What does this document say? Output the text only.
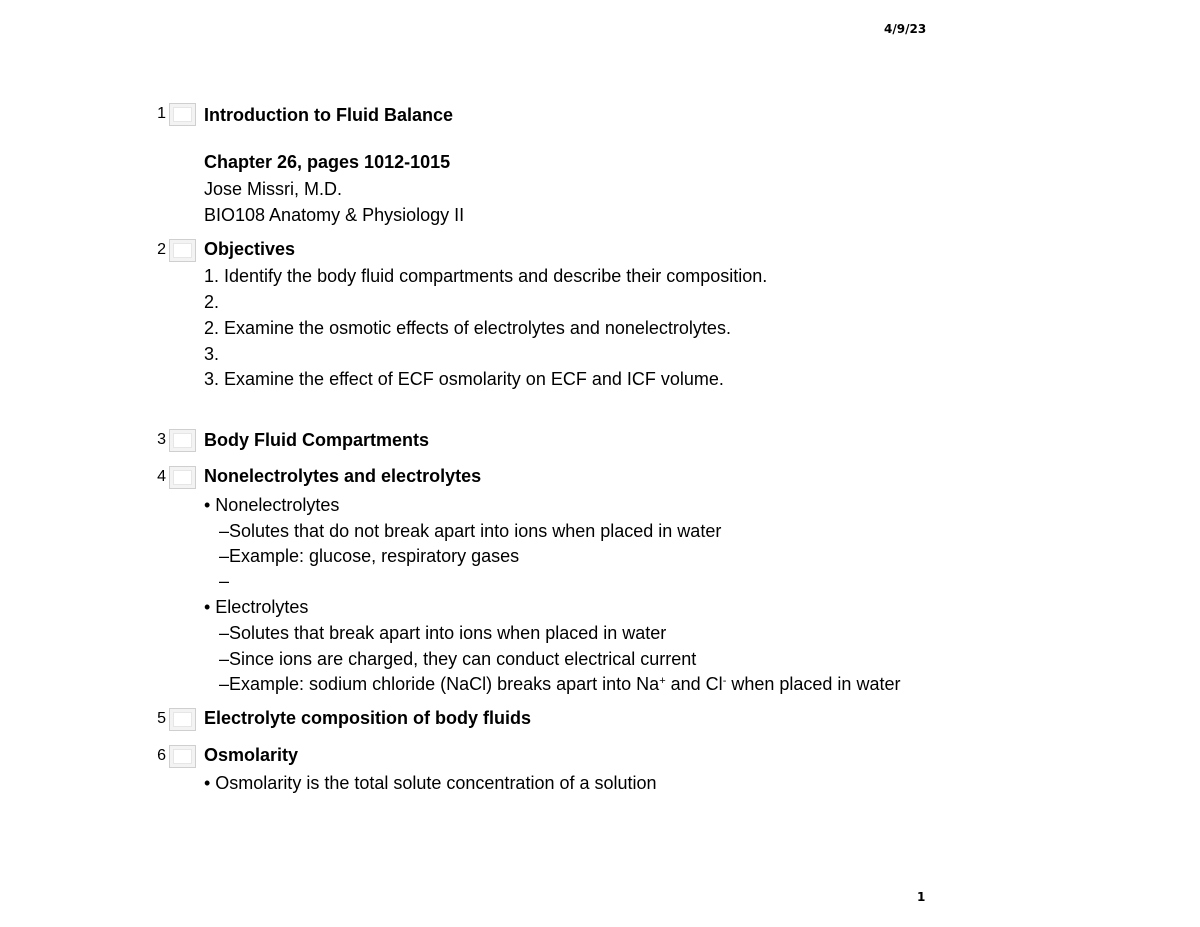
4/9/23
1 Introduction to Fluid Balance
Chapter 26, pages 1012-1015
Jose Missri, M.D.
BIO108 Anatomy & Physiology II
2 Objectives
1. Identify the body fluid compartments and describe their composition.
2.
2. Examine the osmotic effects of electrolytes and nonelectrolytes.
3.
3. Examine the effect of ECF osmolarity on ECF and ICF volume.
3 Body Fluid Compartments
4 Nonelectrolytes and electrolytes
• Nonelectrolytes
–Solutes that do not break apart into ions when placed in water
–Example: glucose, respiratory gases
–
• Electrolytes
–Solutes that break apart into ions when placed in water
–Since ions are charged, they can conduct electrical current
–Example: sodium chloride (NaCl) breaks apart into Na+ and Cl- when placed in water
5 Electrolyte composition of body fluids
6 Osmolarity
• Osmolarity is the total solute concentration of a solution
1
